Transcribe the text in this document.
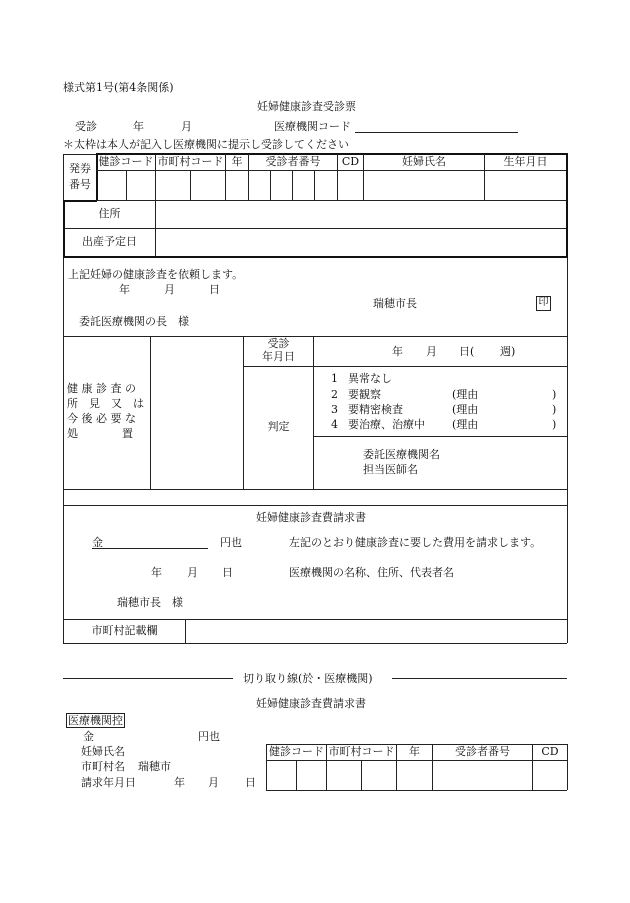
様式第1号(第4条関係)
妊婦健康診査受診票
受診	年	月	医療機関コード
＊太枠は本人が記入し医療機関に提示し受診してください
発券
番号
健診コード 市町村コード 年	受診者番号	CD	妊婦氏名	生年月日
住所
出産予定日
上記妊婦の健康診査を依頼します。
年	月	日
瑞穂市長	印
委託医療機関の長　様
健 康 診 査 の
所　見　又　は
今 後 必 要 な
処　　　　置
受診
年月日	年 月 日( 週)
判定
1 異常なし
2 要観察	(理由	)
3 要精密検査	(理由	)
4 要治療、治療中 (理由	)
委託医療機関名
担当医師名
妊婦健康診査費請求書
金	円也	左記のとおり健康診査に要した費用を請求します。
年 月 日	医療機関の名称、住所、代表者名
瑞穂市長　様
市町村記載欄
切り取り線(於・医療機関)
妊婦健康診査費請求書
医療機関控
金	円也
妊婦氏名
市町村名 瑞穂市
請求年月日	年 月 日
健診コード 市町村コード	年	受診者番号	CD
